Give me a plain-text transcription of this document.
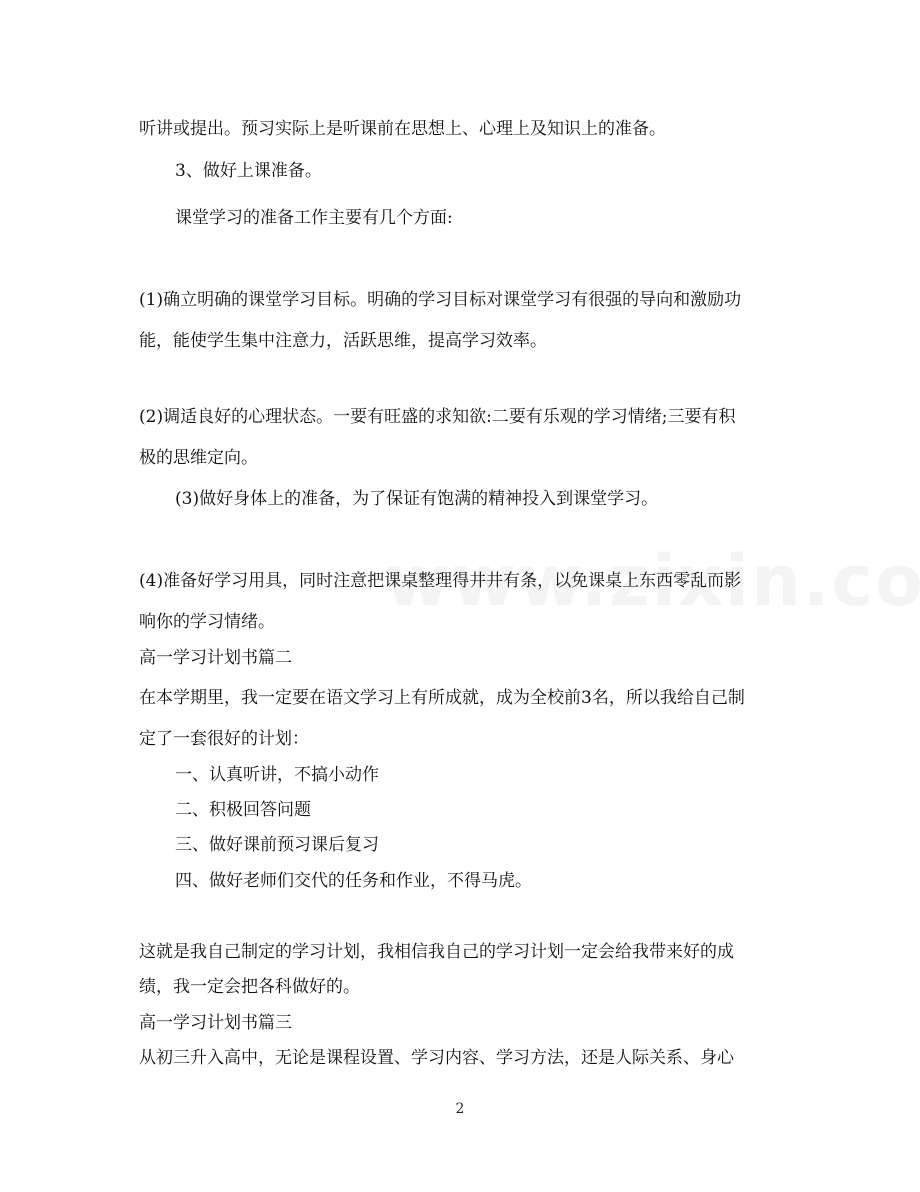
听讲或提出。预习实际上是听课前在思想上、心理上及知识上的准备。
3、做好上课准备。
课堂学习的准备工作主要有几个方面:
(1)确立明确的课堂学习目标。明确的学习目标对课堂学习有很强的导向和激励功
能，能使学生集中注意力，活跃思维，提高学习效率。
(2)调适良好的心理状态。一要有旺盛的求知欲:二要有乐观的学习情绪;三要有积
极的思维定向。
(3)做好身体上的准备，为了保证有饱满的精神投入到课堂学习。
(4)准备好学习用具，同时注意把课桌整理得井井有条，以免课桌上东西零乱而影
响你的学习情绪。
高一学习计划书篇二
在本学期里，我一定要在语文学习上有所成就，成为全校前3名，所以我给自己制
定了一套很好的计划：
一、认真听讲，不搞小动作
二、积极回答问题
三、做好课前预习课后复习
四、做好老师们交代的任务和作业，不得马虎。
这就是我自己制定的学习计划，我相信我自己的学习计划一定会给我带来好的成
绩，我一定会把各科做好的。
高一学习计划书篇三
从初三升入高中，无论是课程设置、学习内容、学习方法，还是人际关系、身心
2
